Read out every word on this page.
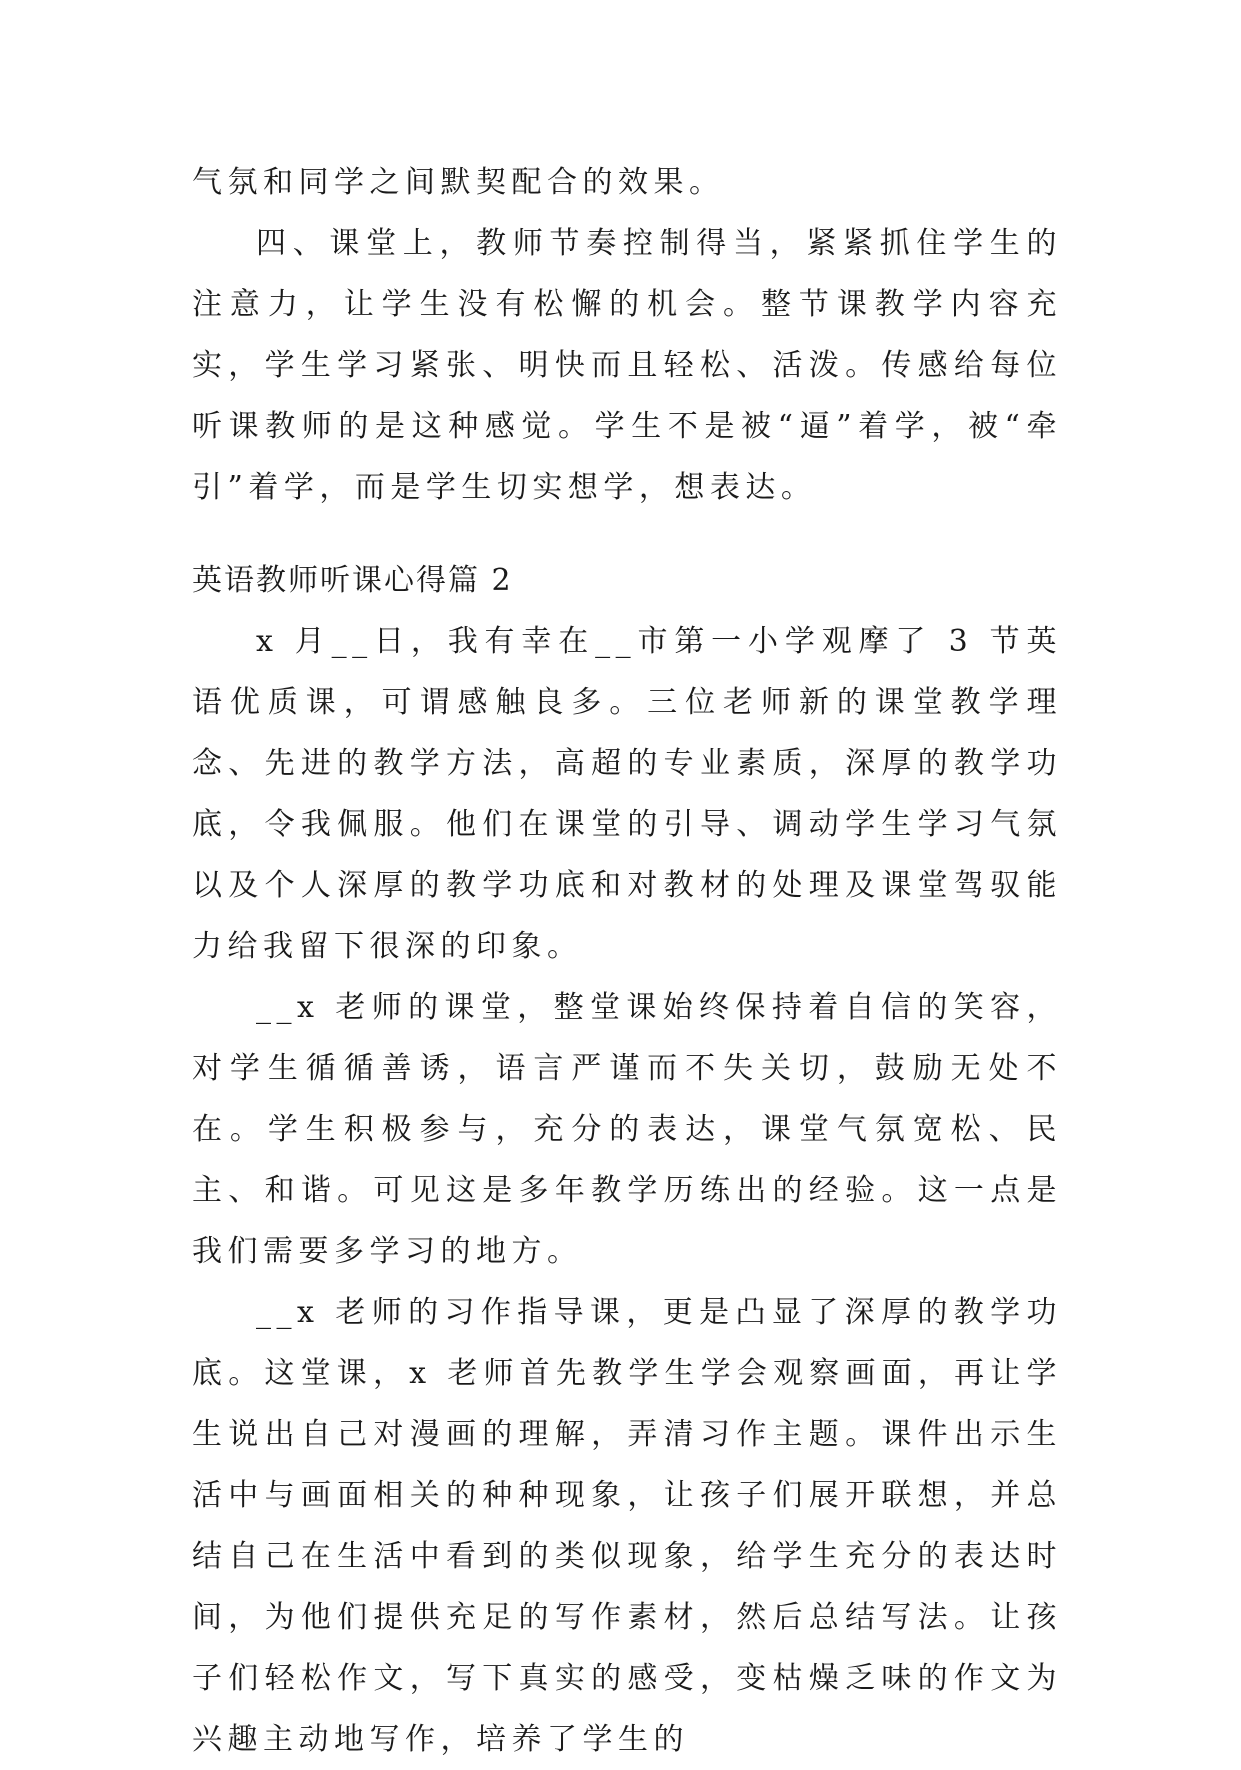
气氛和同学之间默契配合的效果。

四、课堂上，教师节奏控制得当，紧紧抓住学生的注意力，让学生没有松懈的机会。整节课教学内容充实，学生学习紧张、明快而且轻松、活泼。传感给每位听课教师的是这种感觉。学生不是被“逼”着学，被“牵引”着学，而是学生切实想学，想表达。

英语教师听课心得篇 2

x 月__日，我有幸在__市第一小学观摩了 3 节英语优质课，可谓感触良多。三位老师新的课堂教学理念、先进的教学方法，高超的专业素质，深厚的教学功底，令我佩服。他们在课堂的引导、调动学生学习气氛以及个人深厚的教学功底和对教材的处理及课堂驾驭能力给我留下很深的印象。

__x 老师的课堂，整堂课始终保持着自信的笑容，对学生循循善诱，语言严谨而不失关切，鼓励无处不在。学生积极参与，充分的表达，课堂气氛宽松、民主、和谐。可见这是多年教学历练出的经验。这一点是我们需要多学习的地方。

__x 老师的习作指导课，更是凸显了深厚的教学功底。这堂课，x 老师首先教学生学会观察画面，再让学生说出自己对漫画的理解，弄清习作主题。课件出示生活中与画面相关的种种现象，让孩子们展开联想，并总结自己在生活中看到的类似现象，给学生充分的表达时间，为他们提供充足的写作素材，然后总结写法。让孩子们轻松作文，写下真实的感受，变枯燥乏味的作文为兴趣主动地写作，培养了学生的
